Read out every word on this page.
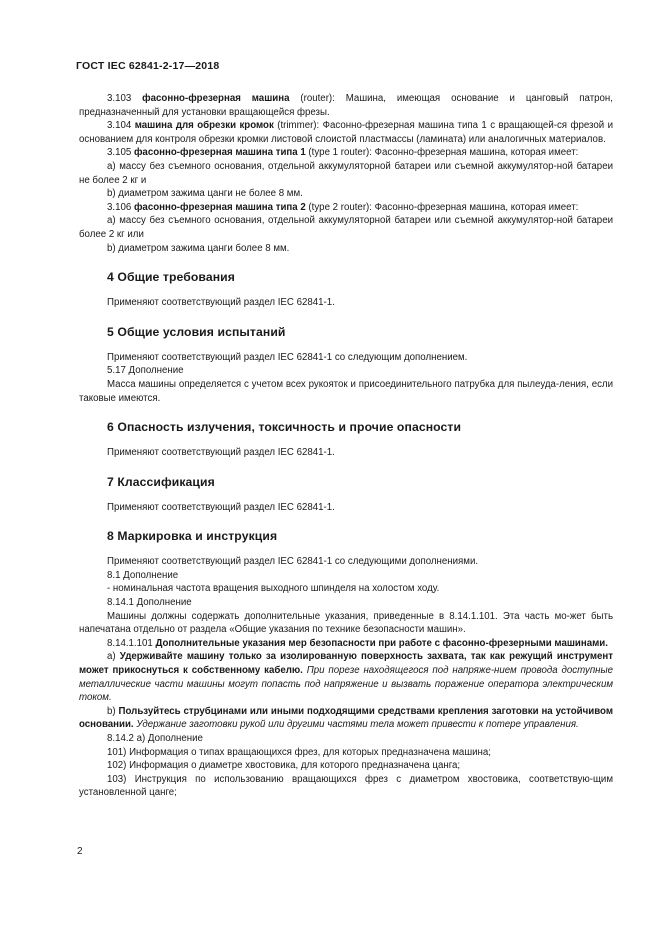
ГОСТ IEC 62841-2-17—2018

3.103 фасонно-фрезерная машина (router): Машина, имеющая основание и цанговый патрон, предназначенный для установки вращающейся фрезы.

3.104 машина для обрезки кромок (trimmer): Фасонно-фрезерная машина типа 1 с вращающей-ся фрезой и основанием для контроля обрезки кромки листовой слоистой пластмассы (ламината) или аналогичных материалов.

3.105 фасонно-фрезерная машина типа 1 (type 1 router): Фасонно-фрезерная машина, которая имеет:

а) массу без съемного основания, отдельной аккумуляторной батареи или съемной аккумулятор-ной батареи не более 2 кг и

b) диаметром зажима цанги не более 8 мм.

3.106 фасонно-фрезерная машина типа 2 (type 2 router): Фасонно-фрезерная машина, которая имеет:

а) массу без съемного основания, отдельной аккумуляторной батареи или съемной аккумулятор-ной батареи более 2 кг или

b) диаметром зажима цанги более 8 мм.

4 Общие требования

Применяют соответствующий раздел IEC 62841-1.

5 Общие условия испытаний

Применяют соответствующий раздел IEC 62841-1 со следующим дополнением.

5.17 Дополнение

Масса машины определяется с учетом всех рукояток и присоединительного патрубка для пылеуда-ления, если таковые имеются.

6 Опасность излучения, токсичность и прочие опасности

Применяют соответствующий раздел IEC 62841-1.

7 Классификация

Применяют соответствующий раздел IEC 62841-1.

8 Маркировка и инструкция

Применяют соответствующий раздел IEC 62841-1 со следующими дополнениями.

8.1 Дополнение

- номинальная частота вращения выходного шпинделя на холостом ходу.

8.14.1 Дополнение

Машины должны содержать дополнительные указания, приведенные в 8.14.1.101. Эта часть мо-жет быть напечатана отдельно от раздела «Общие указания по технике безопасности машин».

8.14.1.101 Дополнительные указания мер безопасности при работе с фасонно-фрезерными машинами.

а) Удерживайте машину только за изолированную поверхность захвата, так как режущий инструмент может прикоснуться к собственному кабелю. При порезе находящегося под напряже-нием провода доступные металлические части машины могут попасть под напряжение и вызвать поражение оператора электрическим током.

b) Пользуйтесь струбцинами или иными подходящими средствами крепления заготовки на устойчивом основании. Удержание заготовки рукой или другими частями тела может привести к потере управления.

8.14.2 а) Дополнение

101) Информация о типах вращающихся фрез, для которых предназначена машина;

102) Информация о диаметре хвостовика, для которого предназначена цанга;

103) Инструкция по использованию вращающихся фрез с диаметром хвостовика, соответствую-щим установленной цанге;

2
